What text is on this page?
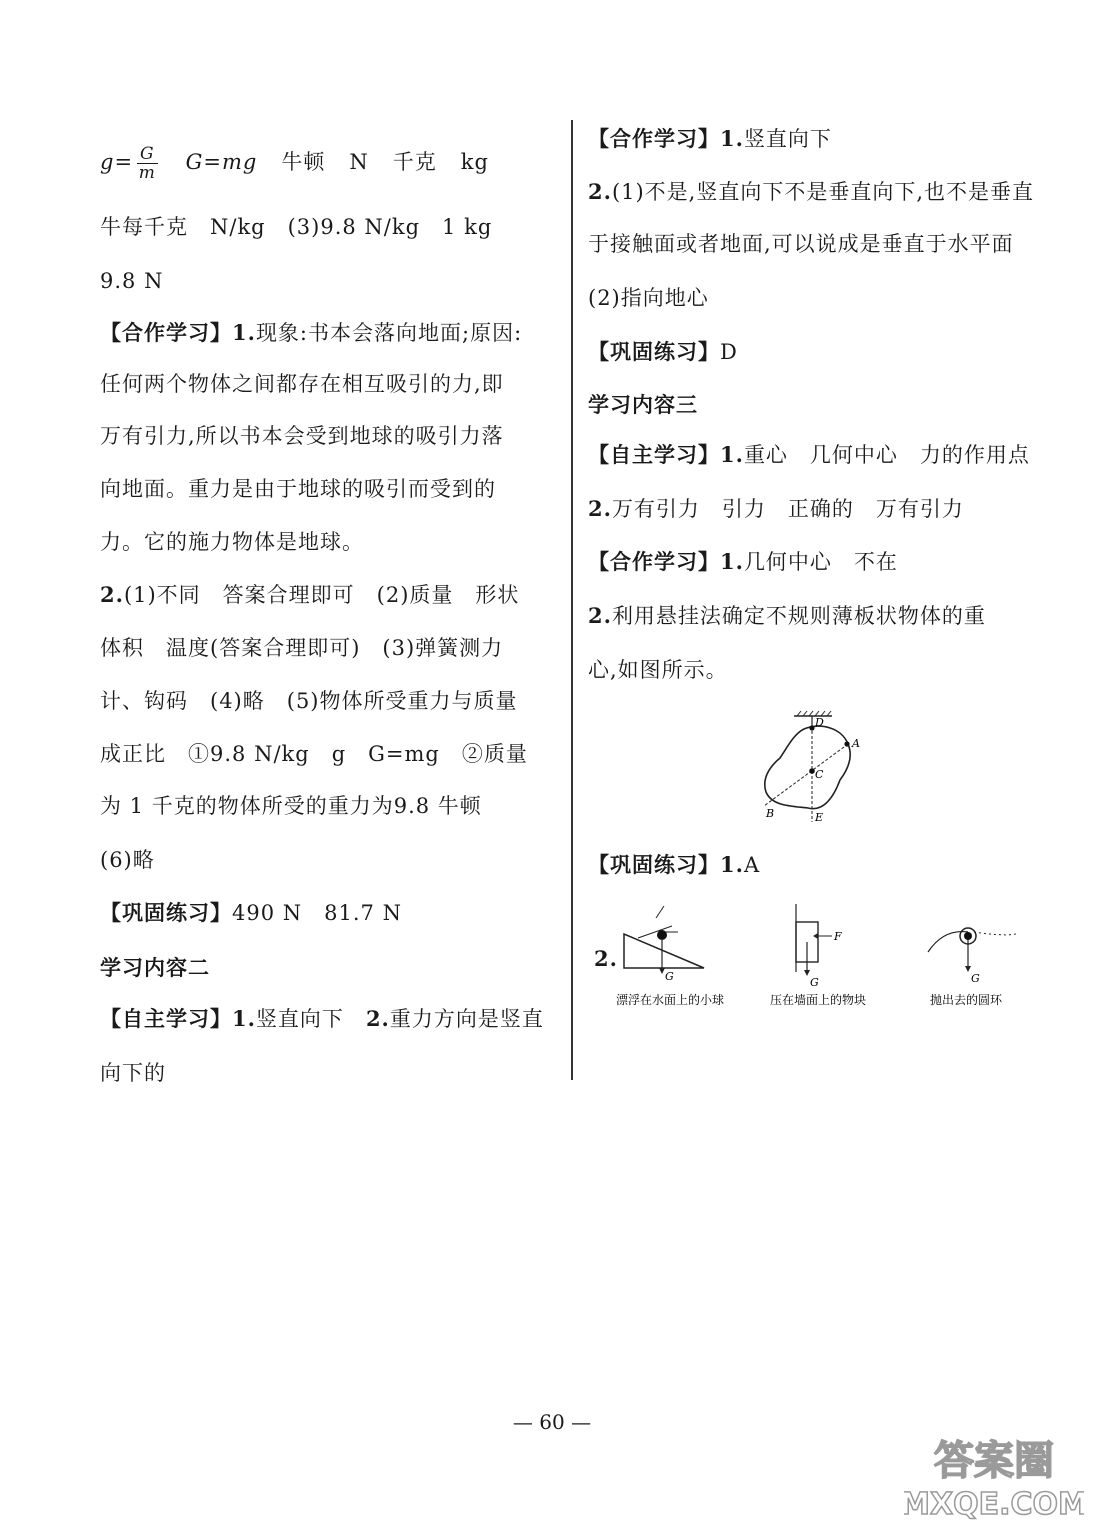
$g= \frac{G}{m} G=mg$ 牛顿 N 千克 kg
牛每千克　N/kg　(3)9.8 N/kg　1 kg
9.8 N
【合作学习】1.现象:书本会落向地面;原因:
任何两个物体之间都存在相互吸引的力,即
万有引力,所以书本会受到地球的吸引力落
向地面。重力是由于地球的吸引而受到的
力。它的施力物体是地球。
2.(1)不同　答案合理即可　(2)质量　形状
体积　温度(答案合理即可)　(3)弹簧测力
计、钩码　(4)略　(5)物体所受重力与质量
成正比　①9.8 N/kg　g　G=mg　②质量
为 1 千克的物体所受的重力为9.8 牛顿
(6)略
【巩固练习】490 N　81.7 N
学习内容二
【自主学习】1.竖直向下　2.重力方向是竖直
向下的
【合作学习】1.竖直向下
2.(1)不是,竖直向下不是垂直向下,也不是垂直
于接触面或者地面,可以说成是垂直于水平面
(2)指向地心
【巩固练习】D
学习内容三
【自主学习】1.重心　几何中心　力的作用点
2.万有引力　引力　正确的　万有引力
【合作学习】1.几何中心　不在
2.利用悬挂法确定不规则薄板状物体的重
心,如图所示。
【巩固练习】1.A
2.
D
A
C
B	E
G
漂浮在水面上的小球
F
G
压在墙面上的物块
G
抛出去的圆环
— 60 —
答案圈
MXQE.COM
